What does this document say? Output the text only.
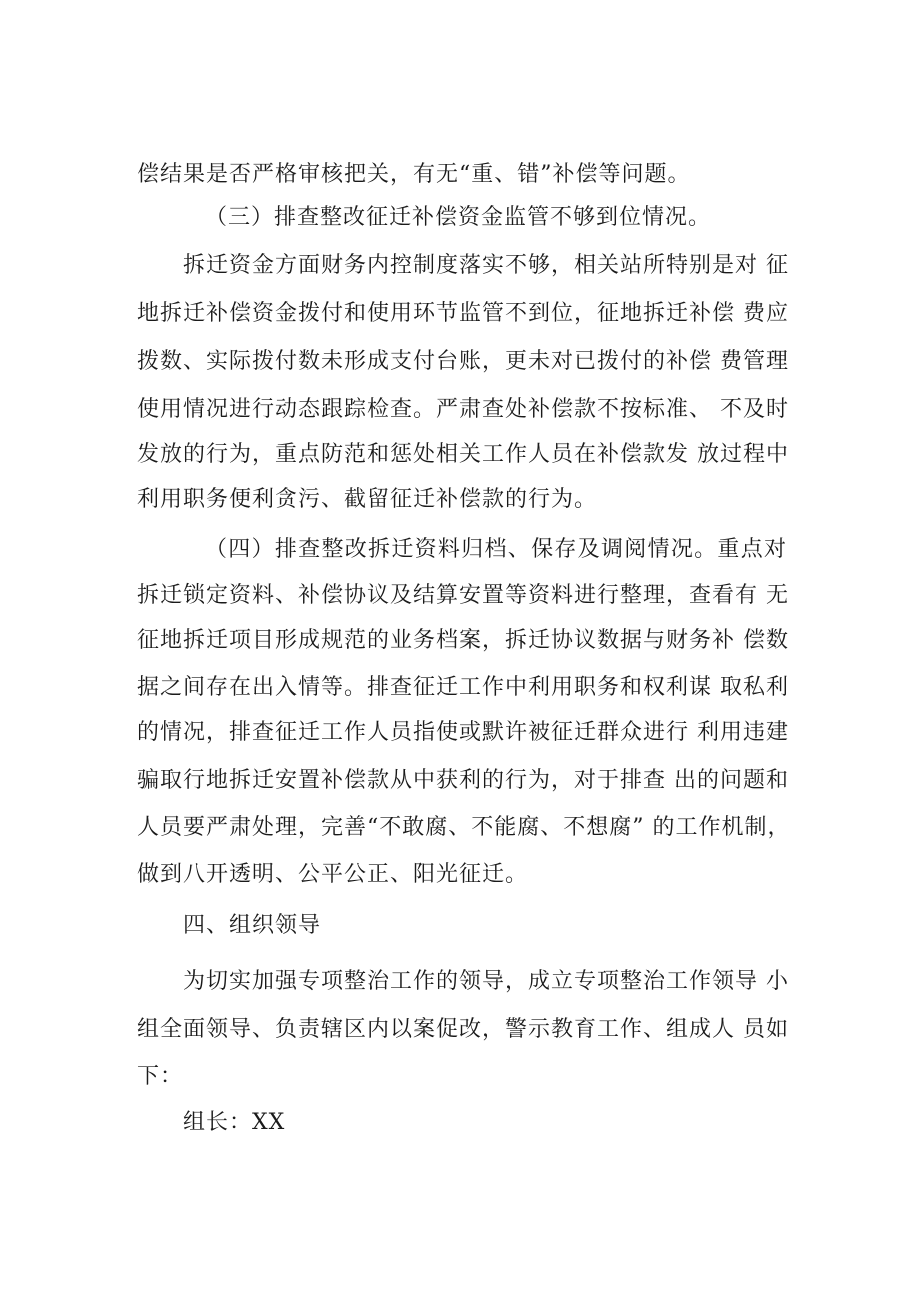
偿结果是否严格审核把关，有无“重、错”补偿等问题。
（三）排查整改征迁补偿资金监管不够到位情况。
拆迁资金方面财务内控制度落实不够，相关站所特别是对 征
地拆迁补偿资金拨付和使用环节监管不到位，征地拆迁补偿 费应
拨数、实际拨付数未形成支付台账，更未对已拨付的补偿 费管理
使用情况进行动态跟踪检查。严肃查处补偿款不按标准、 不及时
发放的行为，重点防范和惩处相关工作人员在补偿款发 放过程中
利用职务便利贪污、截留征迁补偿款的行为。
（四）排查整改拆迁资料归档、保存及调阅情况。重点对
拆迁锁定资料、补偿协议及结算安置等资料进行整理，查看有 无
征地拆迁项目形成规范的业务档案，拆迁协议数据与财务补 偿数
据之间存在出入情等。排查征迁工作中利用职务和权利谋 取私利
的情况，排查征迁工作人员指使或默许被征迁群众进行 利用违建
骗取行地拆迁安置补偿款从中获利的行为，对于排查 出的问题和
人员要严肃处理，完善“不敢腐、不能腐、不想腐” 的工作机制，
做到八开透明、公平公正、阳光征迁。
四、组织领导
为切实加强专项整治工作的领导，成立专项整治工作领导 小
组全面领导、负责辖区内以案促改，警示教育工作、组成人 员如
下：
组长：XX
